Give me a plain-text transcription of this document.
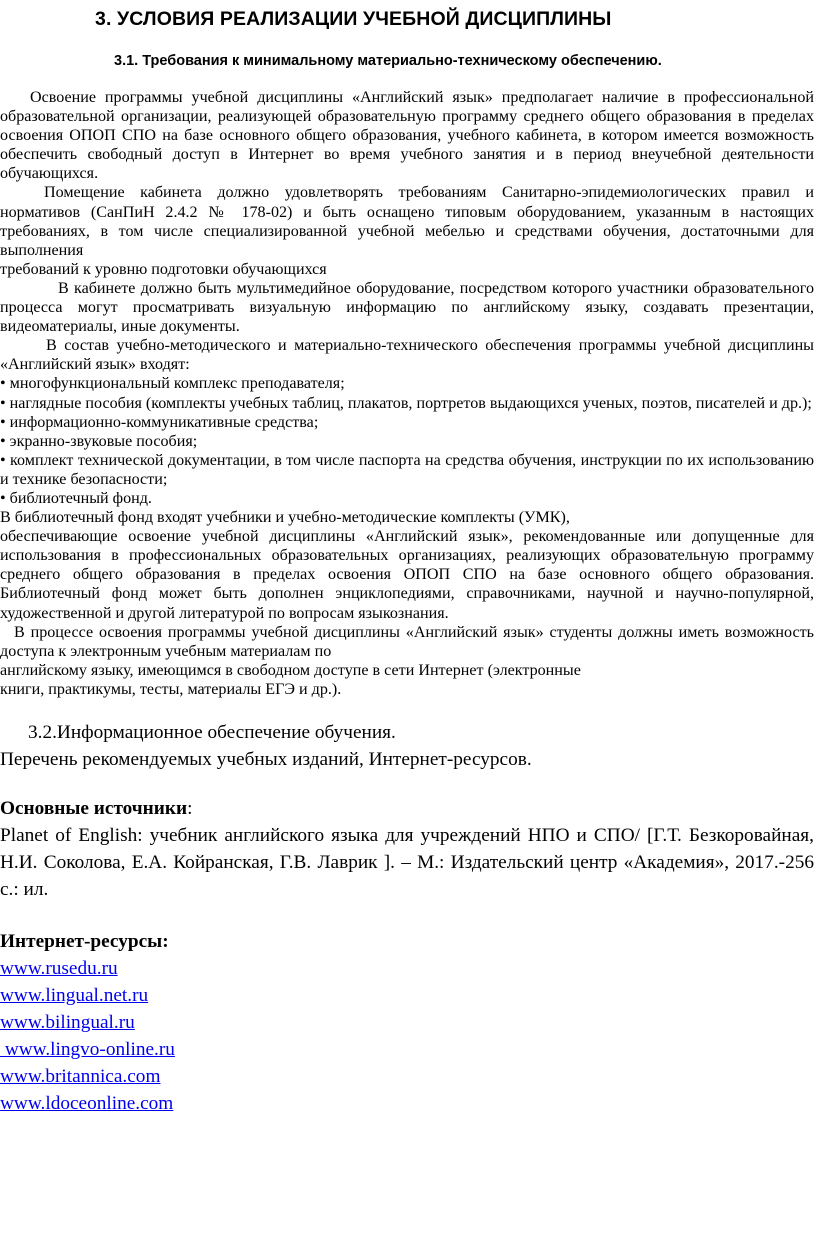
3. УСЛОВИЯ РЕАЛИЗАЦИИ УЧЕБНОЙ ДИСЦИПЛИНЫ
3.1. Требования к минимальному материально-техническому обеспечению.

Освоение программы учебной дисциплины «Английский язык» предполагает наличие в профессиональной образовательной организации, реализующей образовательную программу среднего общего образования в пределах освоения ОПОП СПО на базе основного общего образования, учебного кабинета, в котором имеется возможность обеспечить свободный доступ в Интернет во время учебного занятия и в период внеучебной деятельности обучающихся.

Помещение кабинета должно удовлетворять требованиям Санитарно-эпидемиологических правил и нормативов (СанПиН 2.4.2 № 178-02) и быть оснащено типовым оборудованием, указанным в настоящих требованиях, в том числе специализированной учебной мебелью и средствами обучения, достаточными для выполнения

требований к уровню подготовки обучающихся

В кабинете должно быть мультимедийное оборудование, посредством которого участники образовательного процесса могут просматривать визуальную информацию по английскому языку, создавать презентации, видеоматериалы, иные документы.

В состав учебно-методического и материально-технического обеспечения программы учебной дисциплины «Английский язык» входят:

• многофункциональный комплекс преподавателя;

• наглядные пособия (комплекты учебных таблиц, плакатов, портретов выдающихся ученых, поэтов, писателей и др.);

• информационно-коммуникативные средства;

• экранно-звуковые пособия;

• комплект технической документации, в том числе паспорта на средства обучения, инструкции по их использованию и технике безопасности;

• библиотечный фонд.

В библиотечный фонд входят учебники и учебно-методические комплекты (УМК),

обеспечивающие освоение учебной дисциплины «Английский язык», рекомендованные или допущенные для использования в профессиональных образовательных организациях, реализующих образовательную программу среднего общего образования в пределах освоения ОПОП СПО на базе основного общего образования. Библиотечный фонд может быть дополнен энциклопедиями, справочниками, научной и научно-популярной, художественной и другой литературой по вопросам языкознания.

В процессе освоения программы учебной дисциплины «Английский язык» студенты должны иметь возможность доступа к электронным учебным материалам по

английскому языку, имеющимся в свободном доступе в сети Интернет (электронные

книги, практикумы, тесты, материалы ЕГЭ и др.).

3.2.Информационное обеспечение обучения.

Перечень рекомендуемых учебных изданий, Интернет-ресурсов.

Основные источники:

Planet of English: учебник английского языка для учреждений НПО и СПО/ [Г.Т. Безкоровайная, Н.И. Соколова, Е.А. Койранская, Г.В. Лаврик ]. – М.: Издательский центр «Академия», 2017.-256 с.: ил.

Интернет-ресурсы:

www.rusedu.ru
www.lingual.net.ru
www.bilingual.ru
www.lingvo-online.ru
www.britannica.com
www.ldoceonline.com
